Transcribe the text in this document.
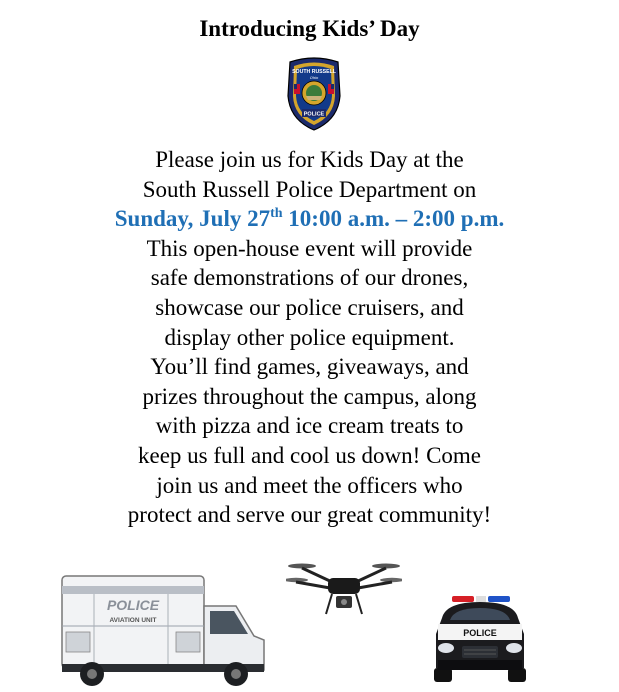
Introducing Kids’ Day
SOUTH RUSSELL
Ohio
POLICE
Please join us for Kids Day at the
South Russell Police Department on
Sunday, July 27th 10:00 a.m. – 2:00 p.m.
This open-house event will provide
safe demonstrations of our drones,
showcase our police cruisers, and
display other police equipment.
You’ll find games, giveaways, and
prizes throughout the campus, along
with pizza and ice cream treats to
keep us full and cool us down! Come
join us and meet the officers who
protect and serve our great community!
POLICE
AVIATION UNIT
POLICE
